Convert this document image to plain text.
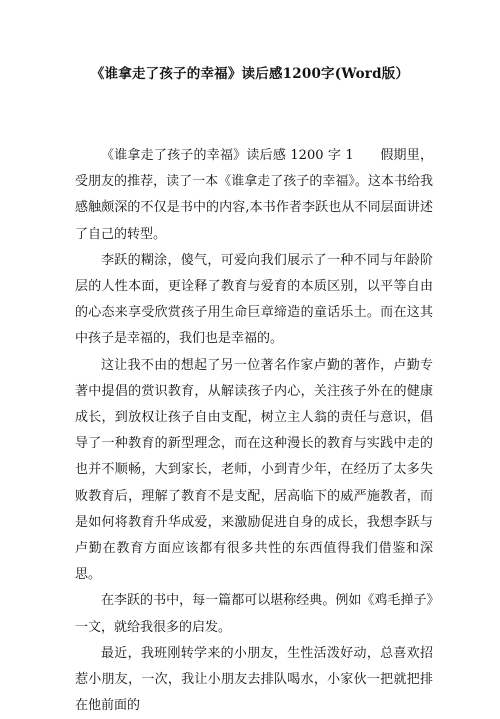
《谁拿走了孩子的幸福》读后感1200字(Word版）

《谁拿走了孩子的幸福》读后感 1200 字 1　　假期里，受朋友的推荐，读了一本《谁拿走了孩子的幸福》。这本书给我感触颇深的不仅是书中的内容,本书作者李跃也从不同层面讲述了自己的转型。

李跃的糊涂，傻气，可爱向我们展示了一种不同与年龄阶层的人性本面，更诠释了教育与爱育的本质区别，以平等自由的心态来享受欣赏孩子用生命巨章缔造的童话乐土。而在这其中孩子是幸福的，我们也是幸福的。

这让我不由的想起了另一位著名作家卢勤的著作，卢勤专著中提倡的赏识教育，从解读孩子内心，关注孩子外在的健康成长，到放权让孩子自由支配，树立主人翁的责任与意识，倡导了一种教育的新型理念，而在这种漫长的教育与实践中走的也并不顺畅，大到家长，老师，小到青少年，在经历了太多失败教育后，理解了教育不是支配，居高临下的威严施教者，而是如何将教育升华成爱，来激励促进自身的成长，我想李跃与卢勤在教育方面应该都有很多共性的东西值得我们借鉴和深思。

在李跃的书中，每一篇都可以堪称经典。例如《鸡毛掸子》一文，就给我很多的启发。

最近，我班刚转学来的小朋友，生性活泼好动，总喜欢招惹小朋友，一次，我让小朋友去排队喝水，小家伙一把就把排在他前面的
